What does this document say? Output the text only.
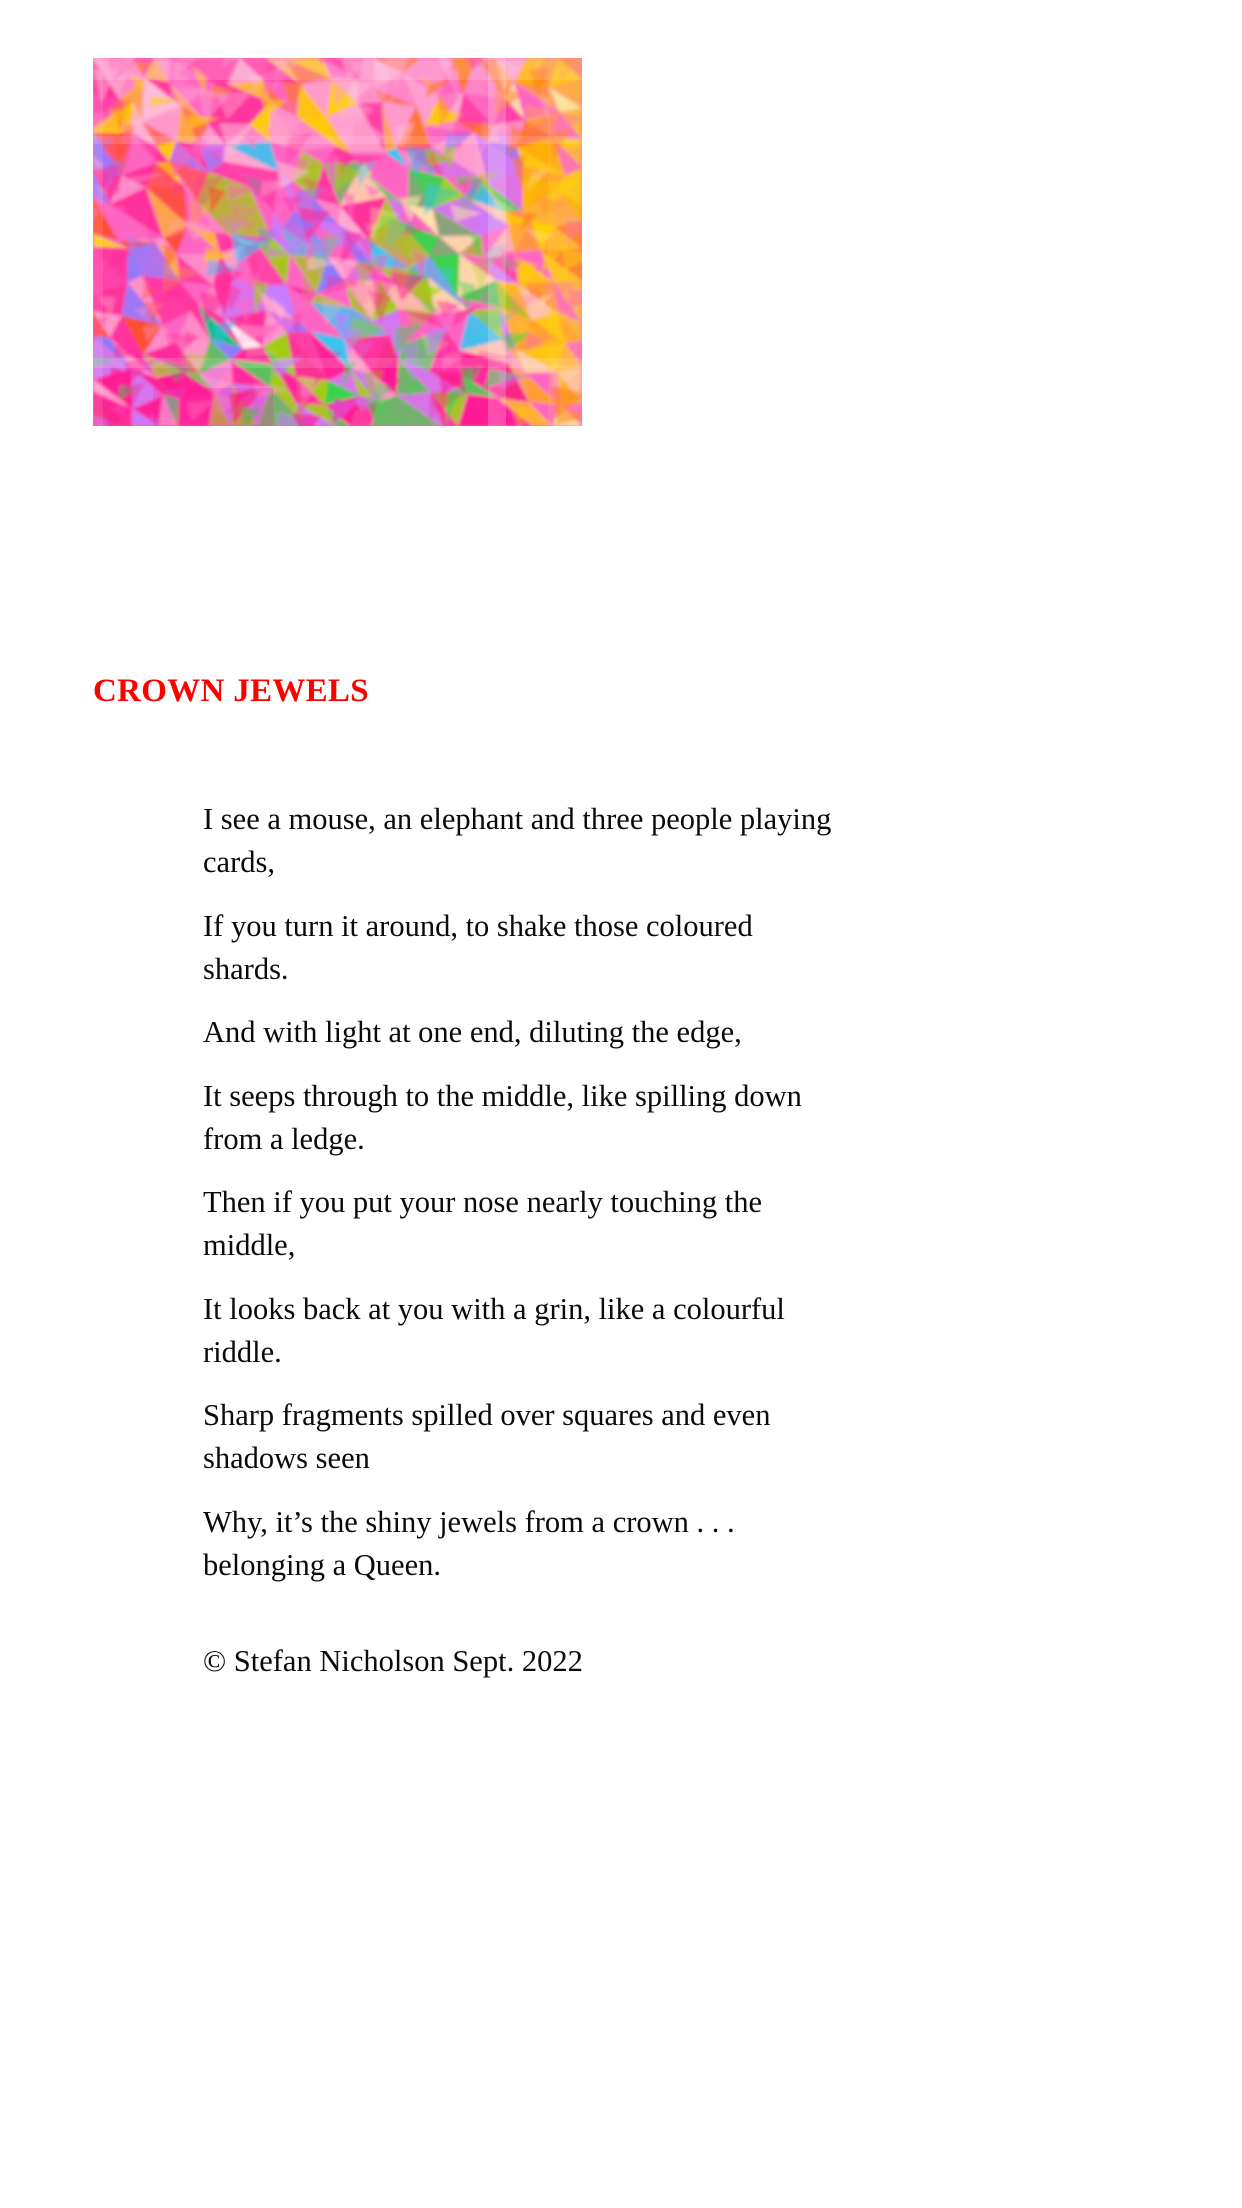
CROWN JEWELS

I see a mouse, an elephant and three people playing
cards,

If you turn it around, to shake those coloured shards.

And with light at one end, diluting the edge,

It seeps through to the middle, like spilling down
from a ledge.

Then if you put your nose nearly touching the
middle,

It looks back at you with a grin, like a colourful
riddle.

Sharp fragments spilled over squares and even
shadows seen

Why, it’s the shiny jewels from a crown . . .
belonging a Queen.

© Stefan Nicholson Sept. 2022
